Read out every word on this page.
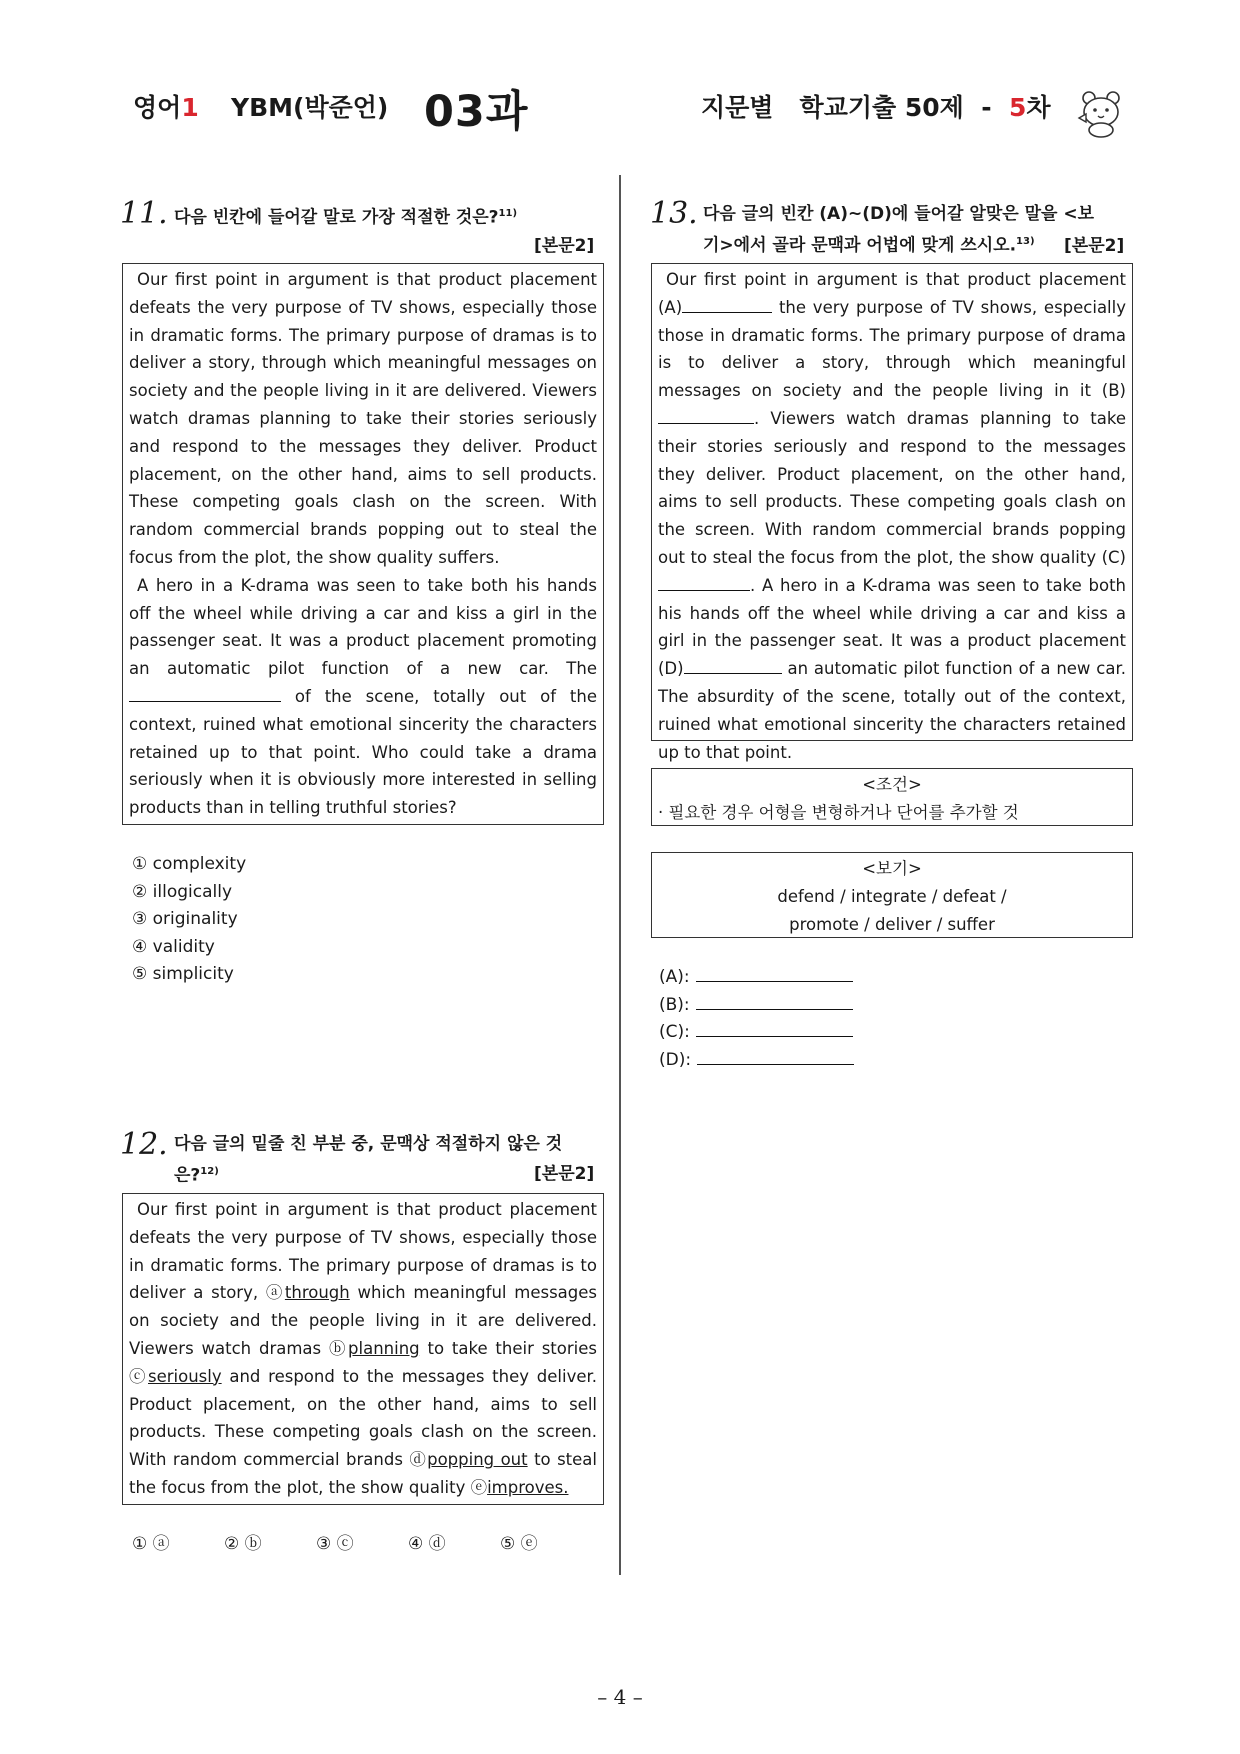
영어1 YBM(박준언) 03과	지문별   학교기출 50제  -  5차
11. 다음 빈칸에 들어갈 말로 가장 적절한 것은?$^{11)}$
[본문2]

Our first point in argument is that product placement defeats the very purpose of TV shows, especially those in dramatic forms. The primary purpose of dramas is to deliver a story, through which meaningful messages on society and the people living in it are delivered. Viewers watch dramas planning to take their stories seriously and respond to the messages they deliver. Product placement, on the other hand, aims to sell products. These competing goals clash on the screen. With random commercial brands popping out to steal the focus from the plot, the show quality suffers.

A hero in a K-drama was seen to take both his hands off the wheel while driving a car and kiss a girl in the passenger seat. It was a product placement promoting an automatic pilot function of a new car. The  of the scene, totally out of the context, ruined what emotional sincerity the characters retained up to that point. Who could take a drama seriously when it is obviously more interested in selling products than in telling truthful stories?

① complexity
② illogically
③ originality
④ validity
⑤ simplicity
12. 다음 글의 밑줄 친 부분 중, 문맥상 적절하지 않은 것
은?$^{12)}$	[본문2]

Our first point in argument is that product placement defeats the very purpose of TV shows, especially those in dramatic forms. The primary purpose of dramas is to deliver a story, ⓐthrough which meaningful messages on society and the people living in it are delivered. Viewers watch dramas ⓑplanning to take their stories ⓒseriously and respond to the messages they deliver. Product placement, on the other hand, aims to sell products. These competing goals clash on the screen. With random commercial brands ⓓpopping out to steal the focus from the plot, the show quality ⓔimproves.

① ⓐ	② ⓑ	③ ⓒ	④ ⓓ	⑤ ⓔ
13. 다음 글의 빈칸 (A)~(D)에 들어갈 알맞은 말을 <보
기>에서 골라 문맥과 어법에 맞게 쓰시오.$^{13)}$	[본문2]

Our first point in argument is that product placement (A)	the very purpose of TV shows, especially those in dramatic forms. The primary purpose of drama is to deliver a story, through which meaningful messages on society and the people living in it (B). Viewers watch dramas planning to take their stories seriously and respond to the messages they deliver. Product placement, on the other hand, aims to sell products. These competing goals clash on the screen. With random commercial brands popping out to steal the focus from the plot, the show quality (C). A hero in a K-drama was seen to take both his hands off the wheel while driving a car and kiss a girl in the passenger seat. It was a product placement (D)	an automatic pilot function of a new car. The absurdity of the scene, totally out of the context, ruined what emotional sincerity the characters retained up to that point.

<조건>
· 필요한 경우 어형을 변형하거나 단어를 추가할 것
<보기>
defend / integrate / defeat /
promote / deliver / suffer
(A):
(B):
(C):
(D):
– 4 –
